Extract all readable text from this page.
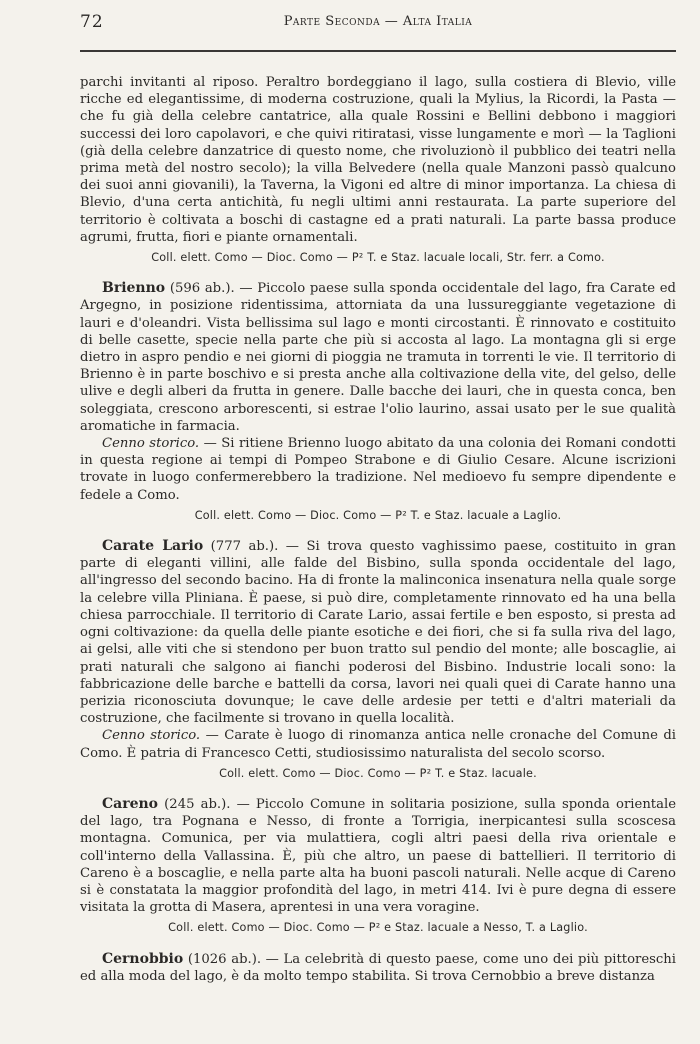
72	Parte Seconda — Alta Italia

parchi invitanti al riposo. Peraltro bordeggiano il lago, sulla costiera di Blevio, ville ricche ed elegantissime, di moderna costruzione, quali la Mylius, la Ricordi, la Pasta — che fu già della celebre cantatrice, alla quale Rossini e Bellini debbono i maggiori successi dei loro capolavori, e che quivi ritiratasi, visse lungamente e morì — la Taglioni (già della celebre danzatrice di questo nome, che rivoluzionò il pubblico dei teatri nella prima metà del nostro secolo); la villa Belvedere (nella quale Manzoni passò qualcuno dei suoi anni giovanili), la Taverna, la Vigoni ed altre di minor importanza. La chiesa di Blevio, d'una certa antichità, fu negli ultimi anni restaurata. La parte superiore del territorio è coltivata a boschi di castagne ed a prati naturali. La parte bassa produce agrumi, frutta, fiori e piante ornamentali.

Coll. elett. Como — Dioc. Como — P² T. e Staz. lacuale locali, Str. ferr. a Como.

Brienno (596 ab.). — Piccolo paese sulla sponda occidentale del lago, fra Carate ed Argegno, in posizione ridentissima, attorniata da una lussureggiante vegetazione di lauri e d'oleandri. Vista bellissima sul lago e monti circostanti. È rinnovato e costituito di belle casette, specie nella parte che più si accosta al lago. La montagna gli si erge dietro in aspro pendio e nei giorni di pioggia ne tramuta in torrenti le vie. Il territorio di Brienno è in parte boschivo e si presta anche alla coltivazione della vite, del gelso, delle ulive e degli alberi da frutta in genere. Dalle bacche dei lauri, che in questa conca, ben soleggiata, crescono arborescenti, si estrae l'olio laurino, assai usato per le sue qualità aromatiche in farmacia.

Cenno storico. — Si ritiene Brienno luogo abitato da una colonia dei Romani condotti in questa regione ai tempi di Pompeo Strabone e di Giulio Cesare. Alcune iscrizioni trovate in luogo confermerebbero la tradizione. Nel medioevo fu sempre dipendente e fedele a Como.

Coll. elett. Como — Dioc. Como — P² T. e Staz. lacuale a Laglio.

Carate Lario (777 ab.). — Si trova questo vaghissimo paese, costituito in gran parte di eleganti villini, alle falde del Bisbino, sulla sponda occidentale del lago, all'ingresso del secondo bacino. Ha di fronte la malinconica insenatura nella quale sorge la celebre villa Pliniana. È paese, si può dire, completamente rinnovato ed ha una bella chiesa parrocchiale. Il territorio di Carate Lario, assai fertile e ben esposto, si presta ad ogni coltivazione: da quella delle piante esotiche e dei fiori, che si fa sulla riva del lago, ai gelsi, alle viti che si stendono per buon tratto sul pendio del monte; alle boscaglie, ai prati naturali che salgono ai fianchi poderosi del Bisbino. Industrie locali sono: la fabbricazione delle barche e battelli da corsa, lavori nei quali quei di Carate hanno una perizia riconosciuta dovunque; le cave delle ardesie per tetti e d'altri materiali da costruzione, che facilmente si trovano in quella località.

Cenno storico. — Carate è luogo di rinomanza antica nelle cronache del Comune di Como. È patria di Francesco Cetti, studiosissimo naturalista del secolo scorso.

Coll. elett. Como — Dioc. Como — P² T. e Staz. lacuale.

Careno (245 ab.). — Piccolo Comune in solitaria posizione, sulla sponda orientale del lago, tra Pognana e Nesso, di fronte a Torrigia, inerpicantesi sulla scoscesa montagna. Comunica, per via mulattiera, cogli altri paesi della riva orientale e coll'interno della Vallassina. È, più che altro, un paese di battellieri. Il territorio di Careno è a boscaglie, e nella parte alta ha buoni pascoli naturali. Nelle acque di Careno si è constatata la maggior profondità del lago, in metri 414. Ivi è pure degna di essere visitata la grotta di Masera, aprentesi in una vera voragine.

Coll. elett. Como — Dioc. Como — P² e Staz. lacuale a Nesso, T. a Laglio.

Cernobbio (1026 ab.). — La celebrità di questo paese, come uno dei più pittoreschi ed alla moda del lago, è da molto tempo stabilita. Si trova Cernobbio a breve distanza
